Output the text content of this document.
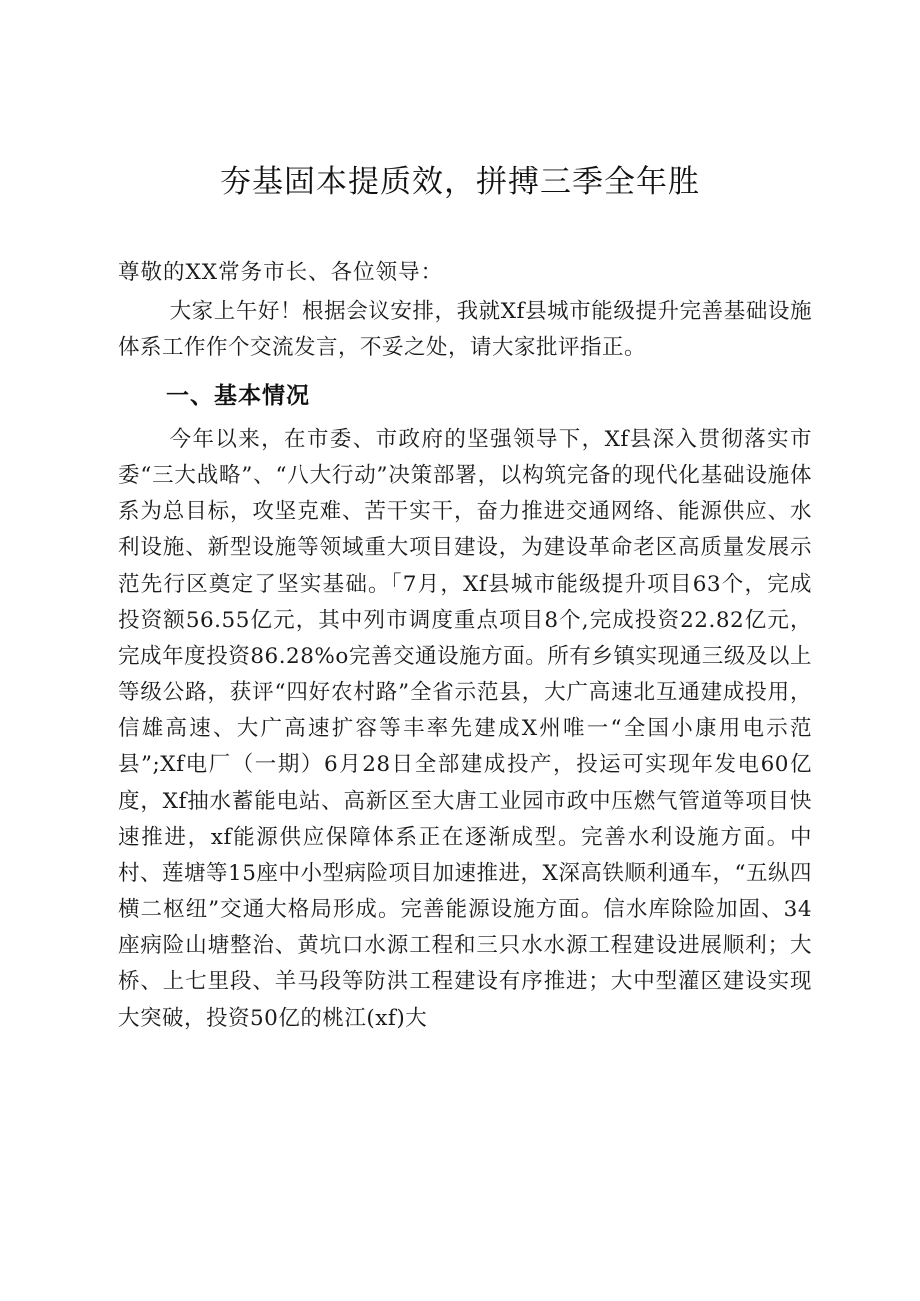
夯基固本提质效，拼搏三季全年胜
尊敬的XX常务市长、各位领导：

大家上午好！根据会议安排，我就Xf县城市能级提升完善基础设施体系工作作个交流发言，不妥之处，请大家批评指正。

一、基本情况

今年以来，在市委、市政府的坚强领导下，Xf县深入贯彻落实市委“三大战略”、“八大行动”决策部署，以构筑完备的现代化基础设施体系为总目标，攻坚克难、苦干实干，奋力推进交通网络、能源供应、水利设施、新型设施等领域重大项目建设，为建设革命老区高质量发展示范先行区奠定了坚实基础。「7月，Xf县城市能级提升项目63个，完成投资额56.55亿元，其中列市调度重点项目8个,完成投资22.82亿元，完成年度投资86.28%o完善交通设施方面。所有乡镇实现通三级及以上等级公路，获评“四好农村路”全省示范县，大广高速北互通建成投用，信雄高速、大广高速扩容等丰率先建成X州唯一“全国小康用电示范县”;Xf电厂（一期）6月28日全部建成投产，投运可实现年发电60亿度，Xf抽水蓄能电站、高新区至大唐工业园市政中压燃气管道等项目快速推进，xf能源供应保障体系正在逐渐成型。完善水利设施方面。中村、莲塘等15座中小型病险项目加速推进，X深高铁顺利通车，“五纵四横二枢纽”交通大格局形成。完善能源设施方面。信水库除险加固、34座病险山塘整治、黄坑口水源工程和三只水水源工程建设进展顺利；大桥、上七里段、羊马段等防洪工程建设有序推进；大中型灌区建设实现大突破，投资50亿的桃江(xf)大
